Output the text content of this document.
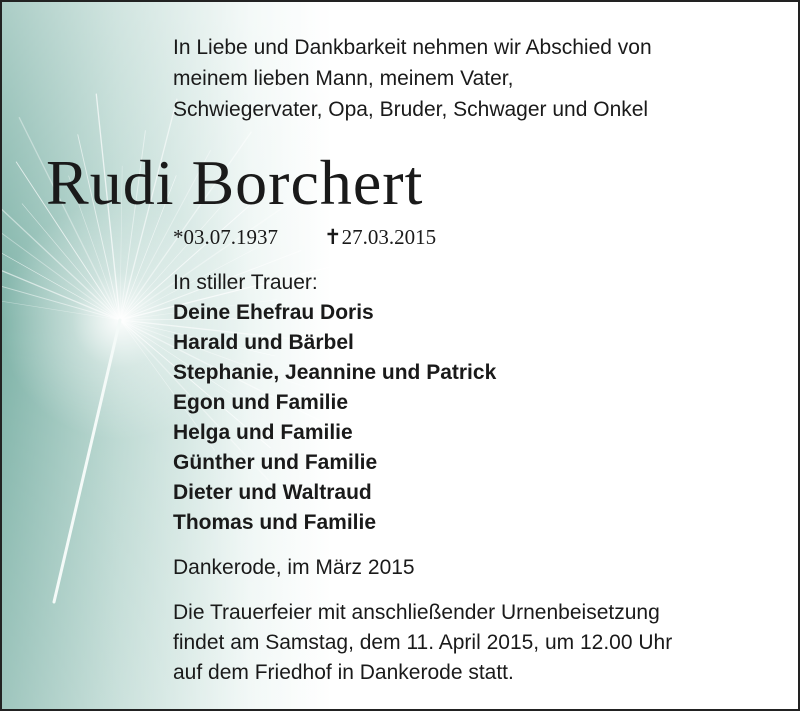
In Liebe und Dankbarkeit nehmen wir Abschied von
meinem lieben Mann, meinem Vater,
Schwiegervater, Opa, Bruder, Schwager und Onkel
Rudi Borchert
*03.07.1937 ✝27.03.2015
In stiller Trauer:
Deine Ehefrau Doris
Harald und Bärbel
Stephanie, Jeannine und Patrick
Egon und Familie
Helga und Familie
Günther und Familie
Dieter und Waltraud
Thomas und Familie
Dankerode, im März 2015
Die Trauerfeier mit anschließender Urnenbeisetzung
findet am Samstag, dem 11. April 2015, um 12.00 Uhr
auf dem Friedhof in Dankerode statt.
